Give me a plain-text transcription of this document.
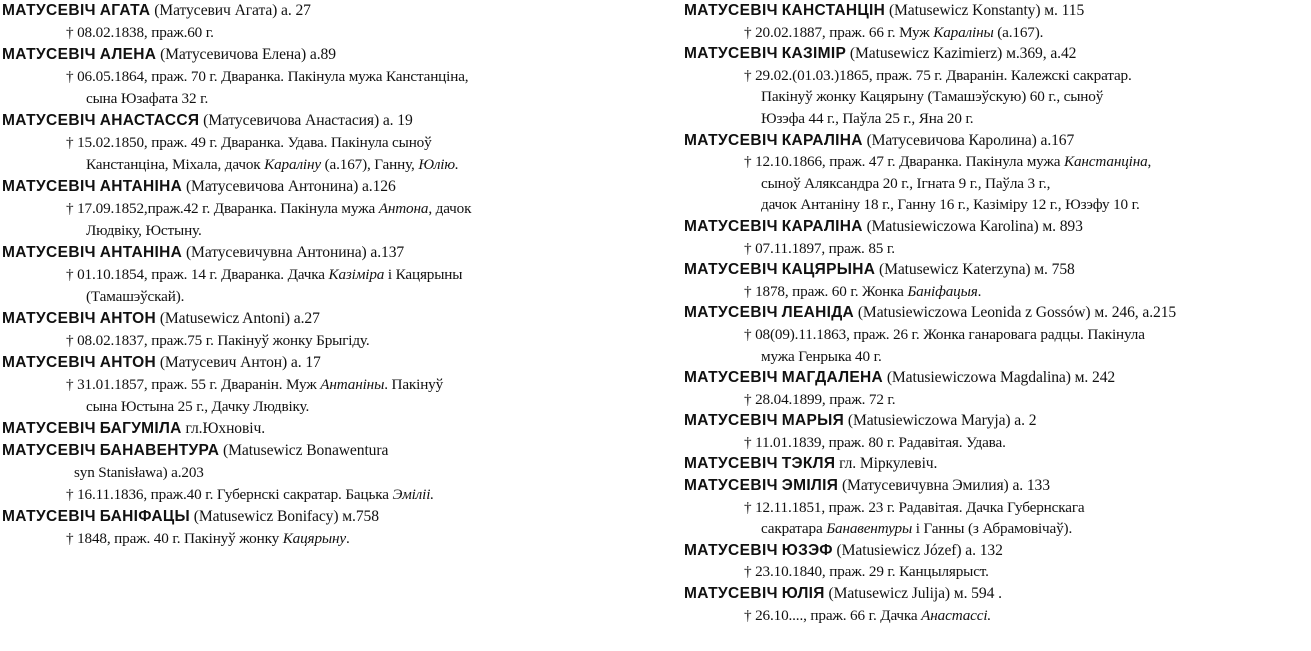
МАТУСЕВІЧ АГАТА (Матусевич Агата) а. 27
† 08.02.1838, праж.60 г.
МАТУСЕВІЧ АЛЕНА (Матусевичова Елена) а.89
† 06.05.1864, праж. 70 г. Дваранка. Пакінула мужа Канстанціна,
сына Юзафата 32 г.
МАТУСЕВІЧ АНАСТАССЯ (Матусевичова Анастасия) а. 19
† 15.02.1850, праж. 49 г. Дваранка. Удава. Пакінула сыноў
Канстанціна, Міхала, дачок Караліну (а.167), Ганну, Юлію.
МАТУСЕВІЧ АНТАНІНА (Матусевичова Антонина) а.126
† 17.09.1852,праж.42 г. Дваранка. Пакінула мужа Антона, дачок
Людвіку, Юстыну.
МАТУСЕВІЧ АНТАНІНА (Матусевичувна Антонина) а.137
† 01.10.1854, праж. 14 г. Дваранка. Дачка Казіміра і Кацярыны
(Тамашэўскай).
МАТУСЕВІЧ АНТОН (Matusewicz Antoni) а.27
† 08.02.1837, праж.75 г. Пакінуў жонку Брыгіду.
МАТУСЕВІЧ АНТОН (Матусевич Антон) а. 17
† 31.01.1857, праж. 55 г. Дваранін. Муж Антаніны. Пакінуў
сына Юстына 25 г., Дачку Людвіку.
МАТУСЕВІЧ БАГУМІЛА гл.Юхновіч.
МАТУСЕВІЧ БАНАВЕНТУРА (Matusewicz Bonawentura
syn Stanisława) а.203
† 16.11.1836, праж.40 г. Губернскі сакратар. Бацька Эміліі.
МАТУСЕВІЧ БАНІФАЦЫ (Matusewicz Bonifacy) м.758
† 1848, праж. 40 г. Пакінуў жонку Кацярыну.
МАТУСЕВІЧ КАНСТАНЦІН (Matusewicz Konstanty) м. 115
† 20.02.1887, праж. 66 г. Муж Караліны (а.167).
МАТУСЕВІЧ КАЗІМІР (Matusewicz Kazimierz) м.369, а.42
† 29.02.(01.03.)1865, праж. 75 г. Дваранін. Калежскі сакратар.
Пакінуў жонку Кацярыну (Тамашэўскую) 60 г., сыноў
Юзэфа 44 г., Паўла 25 г., Яна 20 г.
МАТУСЕВІЧ КАРАЛІНА (Матусевичова Каролина) а.167
† 12.10.1866, праж. 47 г. Дваранка. Пакінула мужа Канстанціна,
сыноў Аляксандра 20 г., Ігната 9 г., Паўла 3 г.,
дачок Антаніну 18 г., Ганну 16 г., Казіміру 12 г., Юзэфу 10 г.
МАТУСЕВІЧ КАРАЛІНА (Matusiewiczowa Karolina) м. 893
† 07.11.1897, праж. 85 г.
МАТУСЕВІЧ КАЦЯРЫНА (Matusewicz Katerzyna) м. 758
† 1878, праж. 60 г. Жонка Баніфацыя.
МАТУСЕВІЧ ЛЕАНІДА (Matusiewiczowa Leonida z Gossów) м. 246, а.215
† 08(09).11.1863, праж. 26 г. Жонка ганаровага радцы. Пакінула
мужа Генрыка 40 г.
МАТУСЕВІЧ МАГДАЛЕНА (Matusiewiczowa Magdalina) м. 242
† 28.04.1899, праж. 72 г.
МАТУСЕВІЧ МАРЫЯ (Matusiewiczowa Maryja) а. 2
† 11.01.1839, праж. 80 г. Радавітая. Удава.
МАТУСЕВІЧ ТЭКЛЯ гл. Міркулевіч.
МАТУСЕВІЧ ЭМІЛІЯ (Матусевичувна Эмилия) а. 133
† 12.11.1851, праж. 23 г. Радавітая. Дачка Губернскага
сакратара Банавентуры і Ганны (з Абрамовічаў).
МАТУСЕВІЧ ЮЗЭФ (Matusiewicz Józef) а. 132
† 23.10.1840, праж. 29 г. Канцылярыст.
МАТУСЕВІЧ ЮЛІЯ (Matusewicz Julija) м. 594 .
† 26.10...., праж. 66 г. Дачка Анастассі.
